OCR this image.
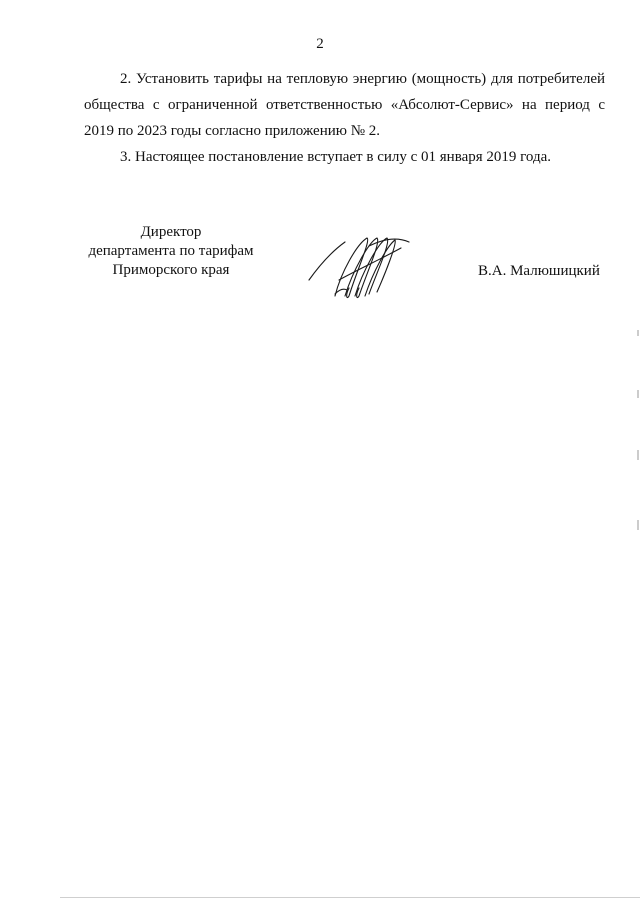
2
2. Установить тарифы на тепловую энергию (мощность) для потребителей общества с ограниченной ответственностью «Абсолют-Сервис» на период с 2019 по 2023 годы согласно приложению № 2.
3. Настоящее постановление вступает в силу с 01 января 2019 года.
Директор
департамента по тарифам
Приморского края	В.А. Малюшицкий
